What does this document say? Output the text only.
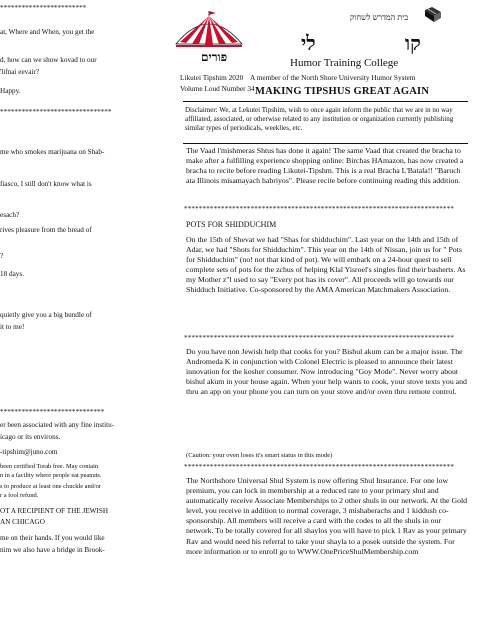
************************
at, Where and When, you get the
d, how can we show kovad to our
'lifnai eevair?
Happy.
*******************************
me who smokes marijuana on Shab-
fiasco, I still don't know what is
esach?
rives pleasure from the bread of
?
18 days.
quietly give you a big bundle of
it to me!
*****************************
er been associated with any fine institu-
icago or its environs.
-tipshim@juno.com
been certified Torah free. May contain
n in a facility where people eat peanuts.
s to produce at least one chuckle and/or
r a fool refund.
OT A RECIPIENT OF THE JEWISH
AN CHICAGO
me on their hands. If you would like
nim we also have a bridge in Brook-
בית המדרש לשחוק
לי	קו
פורים	Humor Training College
Likutei Tipshim 2020 A member of the North Shore University Humor System
Volume Loud Number 34 MAKING TIPSHUS GREAT AGAIN
Disclaimer: We, at Lekutei Tipshim, wish to once again inform the public that we are in no way affiliated, associated, or otherwise related to any institution or organization currently publishing similar types of periodicals, weeklies, etc.
The Vaad l'mishmeras Shtus has done it again! The same Vaad that created the bracha to make after a fulfilling experience shopping online: Birchas HAmazon, has now created a bracha to recite before reading Likutei-Tipshm. This is a real Bracha L'Batala!! "Baruch ata Illinois misamayach habriyos". Please recite before continuing reading this addition.
*************************************************************************
POTS FOR SHIDDUCHIM
On the 15th of Shevat we had "Shas for shidduchim". Last year on the 14th and 15th of Adar, we had "Shots for Shidduchim". This year on the 14th of Nissan, join us for " Pots for Shidduchim" (no! not that kind of pot). We will embark on a 24-hour quest to sell complete sets of pots for the zchus of helping Klal Yisroel's singles find their basherts. As my Mother z"l used to say "Every pot has its cover". All proceeds will go towards our Shidduch Initiative. Co-sponsored by the AMA American Matchmakers Association.
*************************************************************************
Do you have non Jewish help that cooks for you? Bishul akum can be a major issue. The Andromeda K in conjunction with Colonel Electric is pleased to announce their latest innovation for the kosher consumer. Now introducing "Goy Mode". Never worry about bishul akum in your house again. When your help wants to cook, your stove texts you and thru an app on your phone you can turn on your stove and/or oven thru remote control.
(Caution: your oven loses it's smart status in this mode)
*************************************************************************
The Northshore Universal Shul System is now offering Shul Insurance. For one low premium, you can lock in membership at a reduced rate to your primary shul and automatically receive Associate Memberships to 2 other shuls in our network. At the Gold level, you receive in addition to normal coverage, 3 mishaberachs and 1 kiddush co-sponsorship. All members will receive a card with the codes to all the shuls in our network. To be totally covered for all shaylos you will have to pick 1 Rav as your primary Rav and would need his referral to take your shayla to a posek outside the system. For more information or to enroll go to WWW.OnePriceShulMembership.com
